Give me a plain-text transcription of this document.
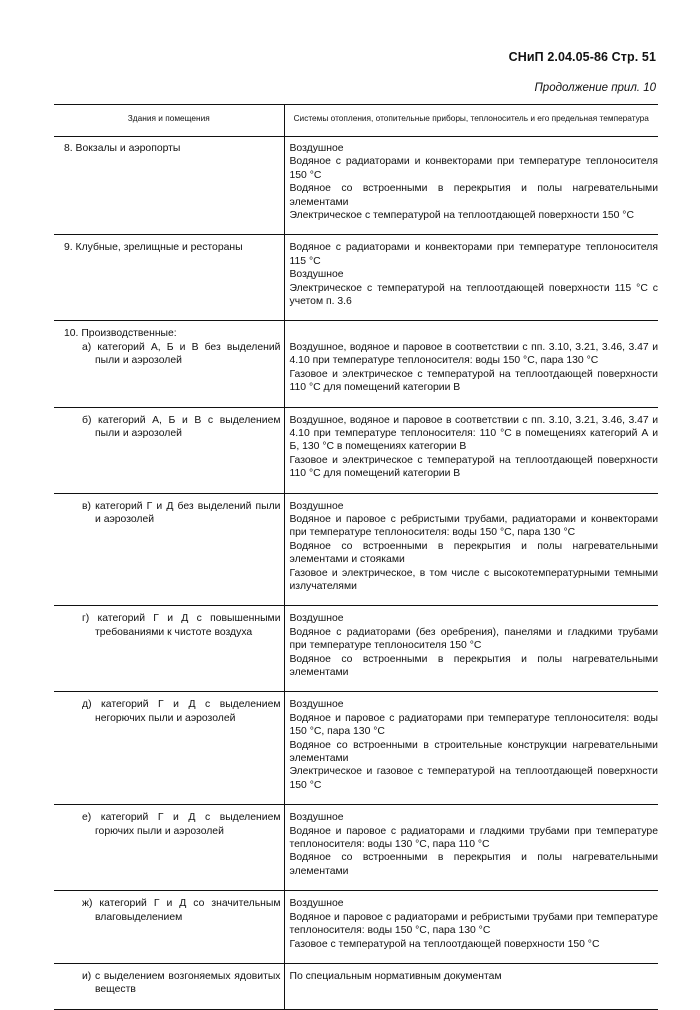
СНиП 2.04.05-86 Стр. 51
Продолжение прил. 10
Здания и помещения	Системы отопления, отопительные приборы, теплоноситель и его предельная температура

8. Вокзалы и аэропорты	Воздушное
Водяное с радиаторами и конвекторами при температуре теплоносителя 150 °С
Водяное со встроенными в перекрытия и полы нагревательными элементами
Электрическое с температурой на теплоотдающей поверхности 150 °С

9. Клубные, зрелищные и рестораны	Водяное с радиаторами и конвекторами при температуре теплоносителя 115 °С
Воздушное
Электрическое с температурой на теплоотдающей поверхности 115 °С с учетом п. 3.6

10. Производственные:	

а) категорий А, Б и В без выделений пыли и аэрозолей	Воздушное, водяное и паровое в соответствии с пп. 3.10, 3.21, 3.46, 3.47 и 4.10 при температуре теплоносителя: воды 150 °С, пара 130 °С
Газовое и электрическое с температурой на теплоотдающей поверхности 110 °С для помещений категории В

б) категорий А, Б и В с выделением пыли и аэрозолей	Воздушное, водяное и паровое в соответствии с пп. 3.10, 3.21, 3.46, 3.47 и 4.10 при температуре теплоносителя: 110 °С в помещениях категорий А и Б, 130 °С в помещениях категории В
Газовое и электрическое с температурой на теплоотдающей поверхности 110 °С для помещений категории В

в) категорий Г и Д без выделений пыли и аэрозолей	Воздушное
Водяное и паровое с ребристыми трубами, радиаторами и конвекторами при температуре теплоносителя: воды 150 °С, пара 130 °С
Водяное со встроенными в перекрытия и полы нагревательными элементами и стояками
Газовое и электрическое, в том числе с высокотемпературными темными излучателями

г) категорий Г и Д с повышенными требованиями к чистоте воздуха	Воздушное
Водяное с радиаторами (без оребрения), панелями и гладкими трубами при температуре теплоносителя 150 °С
Водяное со встроенными в перекрытия и полы нагревательными элементами

д) категорий Г и Д с выделением негорючих пыли и аэрозолей	Воздушное
Водяное и паровое с радиаторами при температуре теплоносителя: воды 150 °С, пара 130 °С
Водяное со встроенными в строительные конструкции нагревательными элементами
Электрическое и газовое с температурой на теплоотдающей поверхности 150 °С

е) категорий Г и Д с выделением горючих пыли и аэрозолей	Воздушное
Водяное и паровое с радиаторами и гладкими трубами при температуре теплоносителя: воды 130 °С, пара 110 °С
Водяное со встроенными в перекрытия и полы нагревательными элементами

ж) категорий Г и Д со значительным влаговыделением	Воздушное
Водяное и паровое с радиаторами и ребристыми трубами при температуре теплоносителя: воды 150 °С, пара 130 °С
Газовое с температурой на теплоотдающей поверхности 150 °С

и) с выделением возгоняемых ядовитых веществ	По специальным нормативным документам
